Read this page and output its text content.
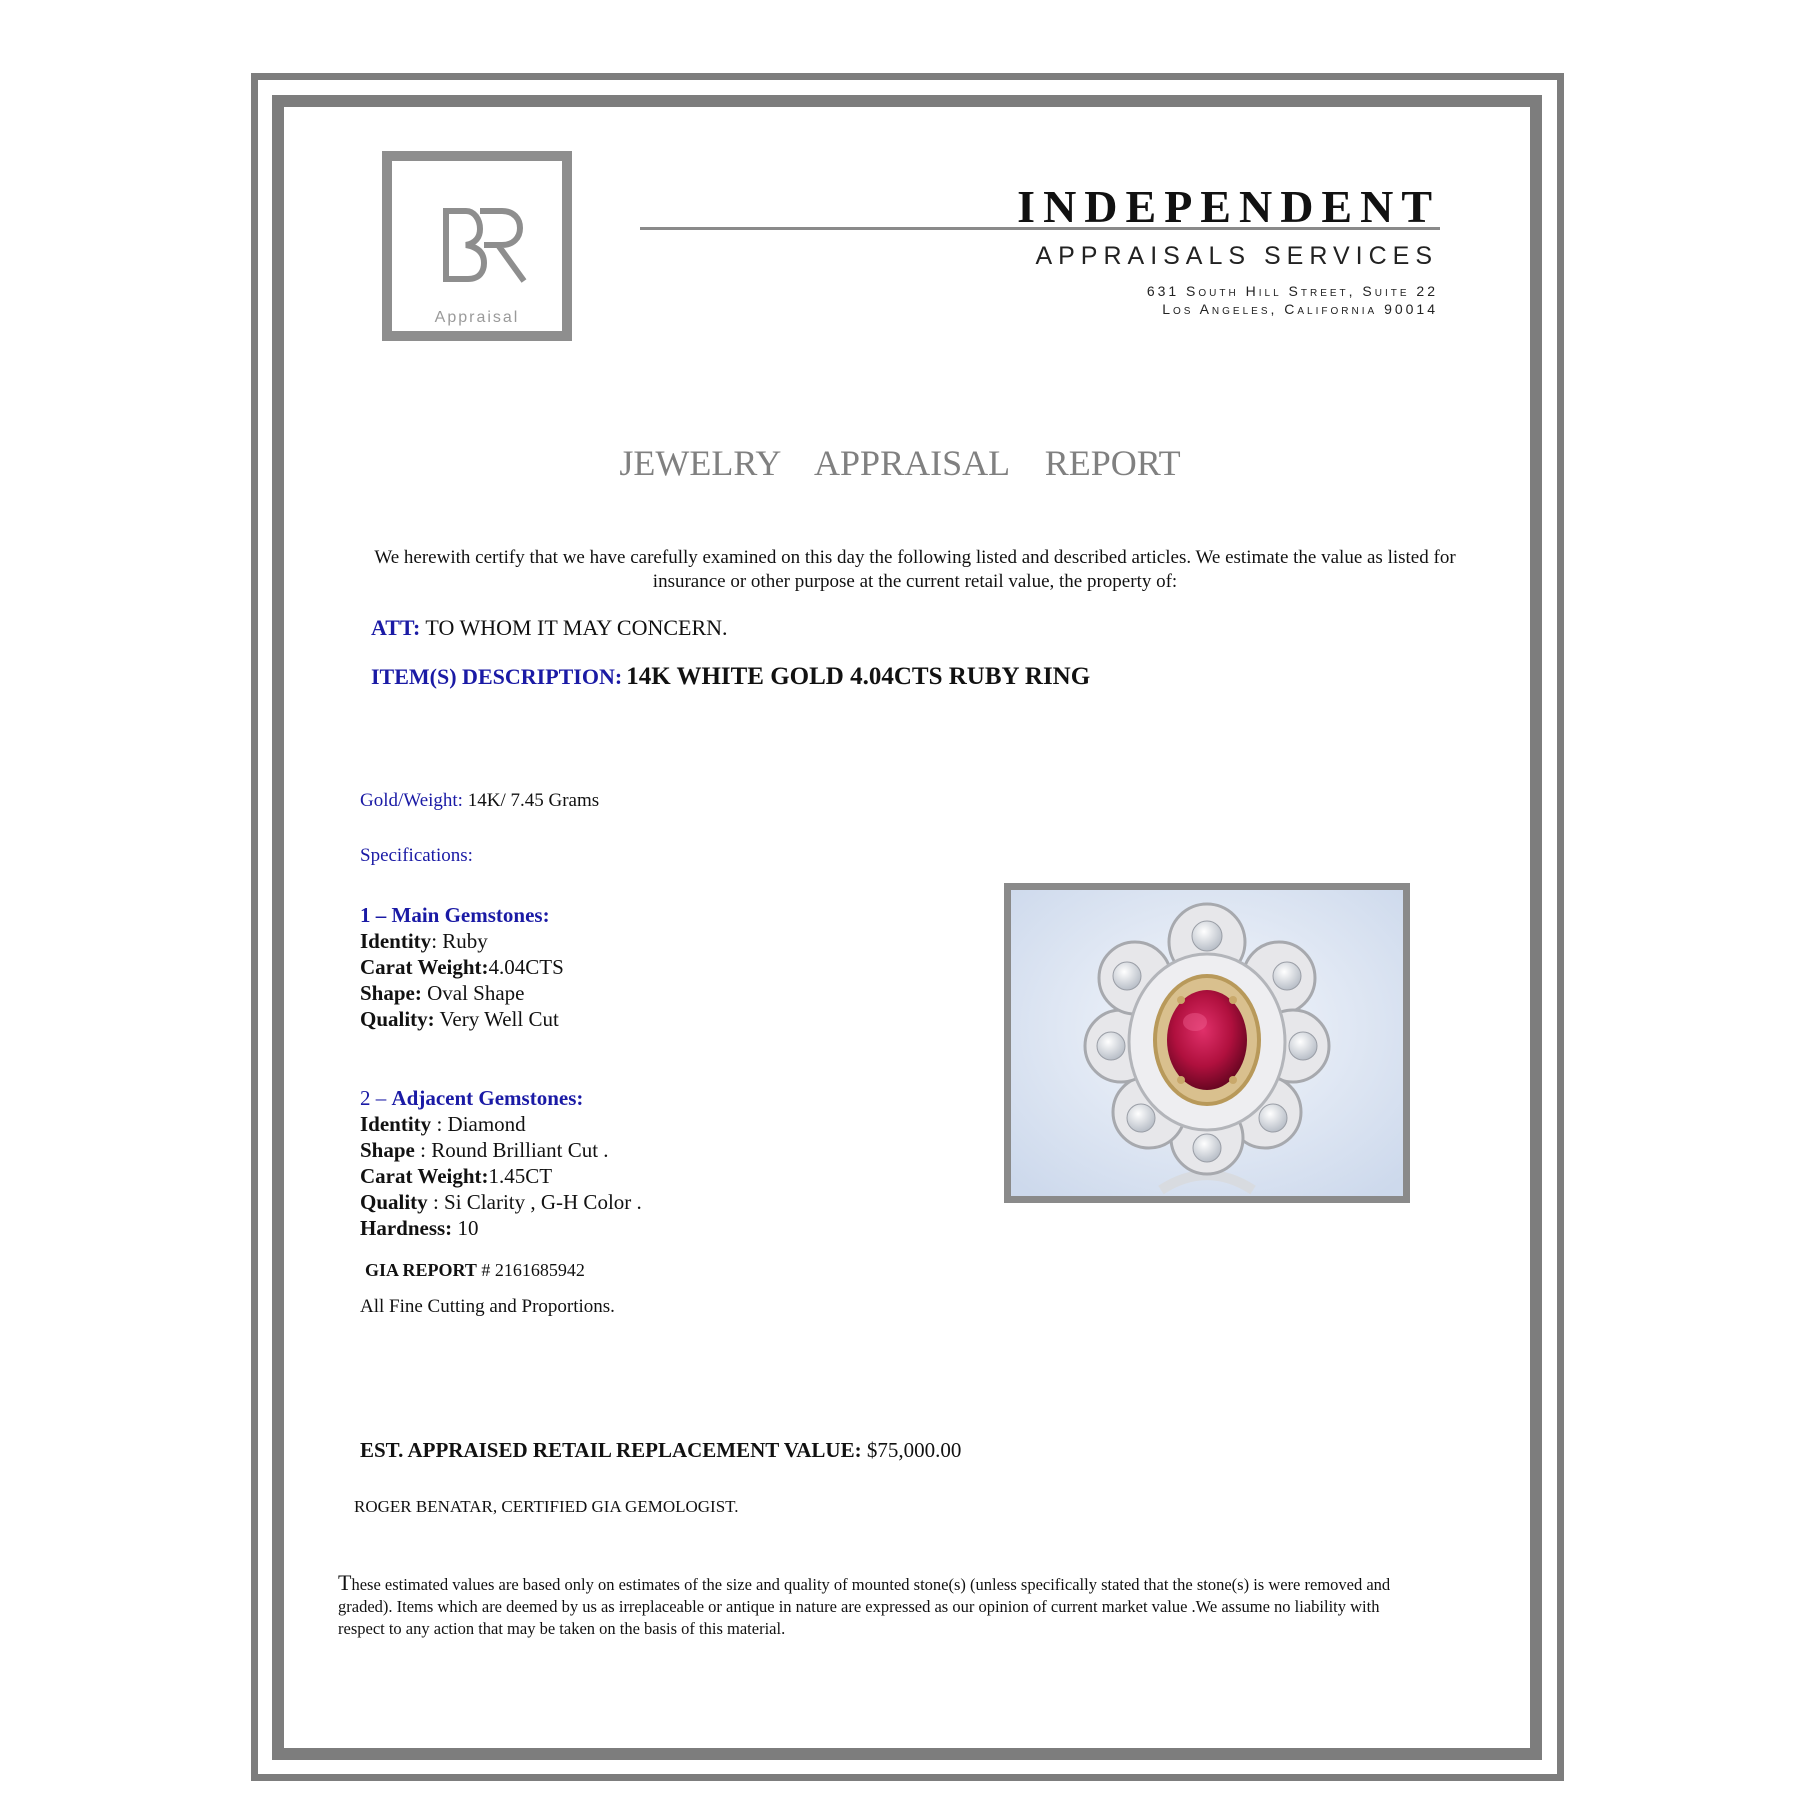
Appraisal
INDEPENDENT
APPRAISALS SERVICES
631 South Hill Street, Suite 22
Los Angeles, California 90014
JEWELRY    APPRAISAL    REPORT
We herewith certify that we have carefully examined on this day the following listed and described articles. We estimate the value as listed for insurance or other purpose at the current retail value, the property of:
ATT: TO WHOM IT MAY CONCERN.
ITEM(S) DESCRIPTION: 14K WHITE GOLD 4.04CTS RUBY RING
Gold/Weight: 14K/ 7.45 Grams
Specifications:
1 – Main Gemstones:
Identity: Ruby
Carat Weight:4.04CTS
Shape: Oval Shape
Quality: Very Well Cut
2 – Adjacent Gemstones:
Identity : Diamond
Shape : Round Brilliant Cut .
Carat Weight:1.45CT
Quality : Si Clarity , G-H Color .
Hardness: 10
GIA REPORT # 2161685942
All Fine Cutting and Proportions.
EST. APPRAISED RETAIL REPLACEMENT VALUE: $75,000.00
ROGER BENATAR, CERTIFIED GIA GEMOLOGIST.
These estimated values are based only on estimates of the size and quality of mounted stone(s) (unless specifically stated that the stone(s) is were removed and graded). Items which are deemed by us as irreplaceable or antique in nature are expressed as our opinion of current market value .We assume no liability with respect to any action that may be taken on the basis of this material.
